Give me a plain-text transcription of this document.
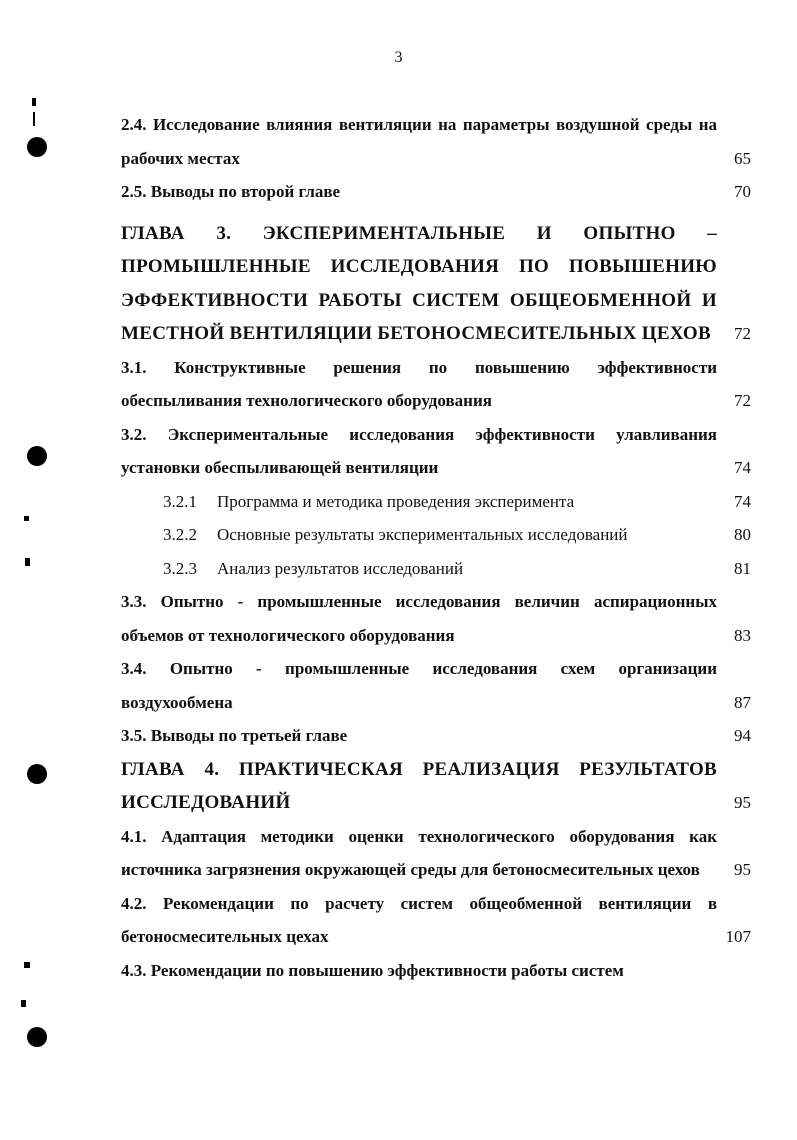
3
2.4. Исследование влияния вентиляции на параметры воздушной среды на рабочих местах	65
2.5. Выводы по второй главе	70
ГЛАВА 3. ЭКСПЕРИМЕНТАЛЬНЫЕ И ОПЫТНО – ПРОМЫШЛЕННЫЕ ИССЛЕДОВАНИЯ ПО ПОВЫШЕНИЮ ЭФФЕКТИВНОСТИ РАБОТЫ СИСТЕМ ОБЩЕОБМЕННОЙ И МЕСТНОЙ ВЕНТИЛЯЦИИ БЕТОНОСМЕСИТЕЛЬНЫХ ЦЕХОВ 72
3.1. Конструктивные решения по повышению эффективности обеспыливания технологического оборудования	72
3.2. Экспериментальные исследования эффективности улавливания установки обеспыливающей вентиляции	74
3.2.1 Программа и методика проведения эксперимента	74
3.2.2 Основные результаты экспериментальных исследований	80
3.2.3 Анализ результатов исследований	81
3.3. Опытно - промышленные исследования величин аспирационных объемов от технологического оборудования	83
3.4. Опытно - промышленные исследования схем организации воздухообмена	87
3.5. Выводы по третьей главе	94
ГЛАВА 4. ПРАКТИЧЕСКАЯ РЕАЛИЗАЦИЯ РЕЗУЛЬТАТОВ ИССЛЕДОВАНИЙ	95
4.1. Адаптация методики оценки технологического оборудования как источника загрязнения окружающей среды для бетоносмесительных цехов 95
4.2. Рекомендации по расчету систем общеобменной вентиляции в бетоносмесительных цехах	107
4.3. Рекомендации по повышению эффективности работы систем
